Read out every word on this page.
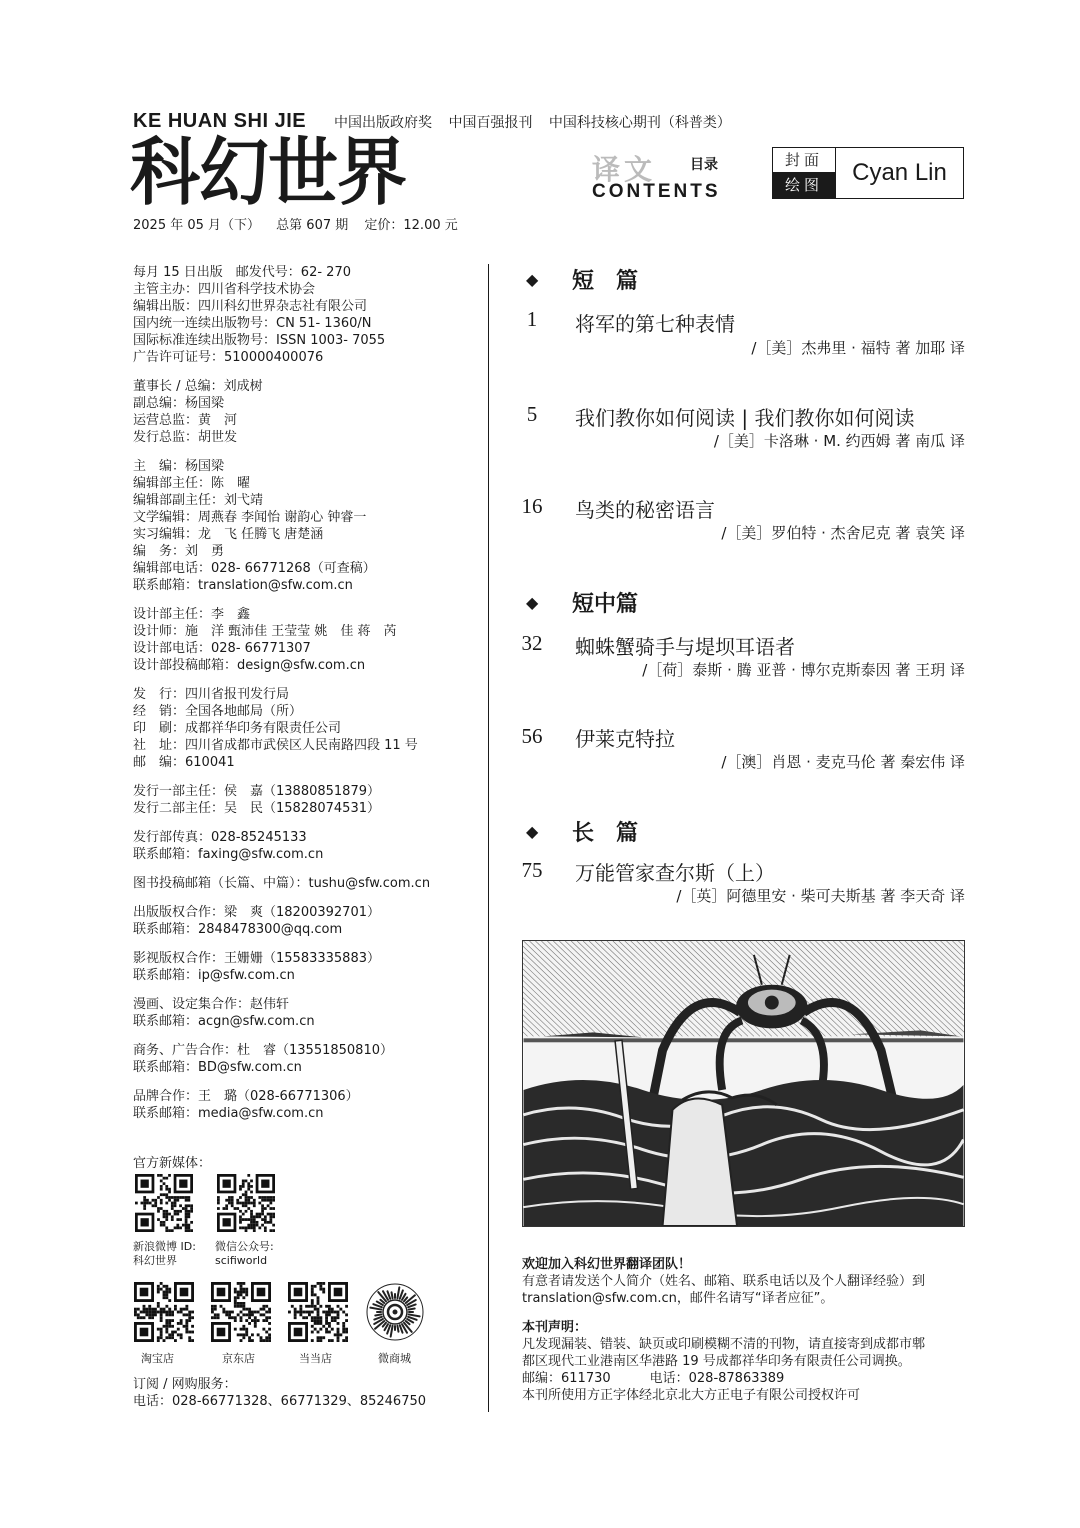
KE HUAN SHI JIE 中国出版政府奖 中国百强报刊 中国科技核心期刊（科普类）
科幻世界
2025 年 05 月（下） 总第 607 期 定价：12.00 元
译文 目录
CONTENTS
封面
绘图	Cyan Lin
每月 15 日出版　邮发代号：62- 270
主管主办：四川省科学技术协会
编辑出版：四川科幻世界杂志社有限公司
国内统一连续出版物号：CN 51- 1360/N
国际标准连续出版物号：ISSN 1003- 7055
广告许可证号：510000400076
董事长 / 总编：刘成树
副总编：杨国梁
运营总监：黄　河
发行总监：胡世发
主　编：杨国梁
编辑部主任：陈　曜
编辑部副主任：刘弋靖
文学编辑：周燕春 李闻怡 谢韵心 钟睿一
实习编辑：龙　飞 任腾飞 唐楚涵
编　务：刘　勇
编辑部电话：028- 66771268（可查稿）
联系邮箱：translation@sfw.com.cn
设计部主任：李　鑫
设计师：施　洋 甄沛佳 王莹莹 姚　佳 蒋　芮
设计部电话：028- 66771307
设计部投稿邮箱：design@sfw.com.cn
发　行：四川省报刊发行局
经　销：全国各地邮局（所）
印　刷：成都祥华印务有限责任公司
社　址：四川省成都市武侯区人民南路四段 11 号
邮　编：610041
发行一部主任：侯　嘉（13880851879）
发行二部主任：吴　民（15828074531）
发行部传真：028-85245133
联系邮箱：faxing@sfw.com.cn
图书投稿邮箱（长篇、中篇）：tushu@sfw.com.cn
出版版权合作：梁　爽（18200392701）
联系邮箱：2848478300@qq.com
影视版权合作：王姗姗（15583335883）
联系邮箱：ip@sfw.com.cn
漫画、设定集合作：赵伟轩
联系邮箱：acgn@sfw.com.cn
商务、广告合作：杜　睿（13551850810）
联系邮箱：BD@sfw.com.cn
品牌合作：王　璐（028-66771306）
联系邮箱：media@sfw.com.cn
官方新媒体：
新浪微博 ID:
科幻世界
微信公众号:
scifiworld
淘宝店	京东店	当当店	微商城
订阅 / 网购服务：
电话：028-66771328、66771329、85246750
◆ 短　篇
1	将军的第七种表情
/［美］杰弗里 · 福特 著 加耶 译
5	我们教你如何阅读 | 我们教你如何阅读
/［美］卡洛琳 · M. 约西姆 著 南瓜 译
16	鸟类的秘密语言
/［美］罗伯特 · 杰舍尼克 著 袁笑 译
◆ 短中篇
32	蜘蛛蟹骑手与堤坝耳语者
/［荷］泰斯 · 腾 亚普 · 博尔克斯泰因 著 王玥 译
56	伊莱克特拉
/［澳］肖恩 · 麦克马伦 著 秦宏伟 译
◆ 长　篇
75	万能管家查尔斯（上）
/［英］阿德里安 · 柴可夫斯基 著 李天奇 译
欢迎加入科幻世界翻译团队！
有意者请发送个人简介（姓名、邮箱、联系电话以及个人翻译经验）到
translation@sfw.com.cn，邮件名请写“译者应征”。
本刊声明：
凡发现漏装、错装、缺页或印刷模糊不清的刊物，请直接寄到成都市郫
都区现代工业港南区华港路 19 号成都祥华印务有限责任公司调换。
邮编：611730　　　电话：028-87863389
本刊所使用方正字体经北京北大方正电子有限公司授权许可
